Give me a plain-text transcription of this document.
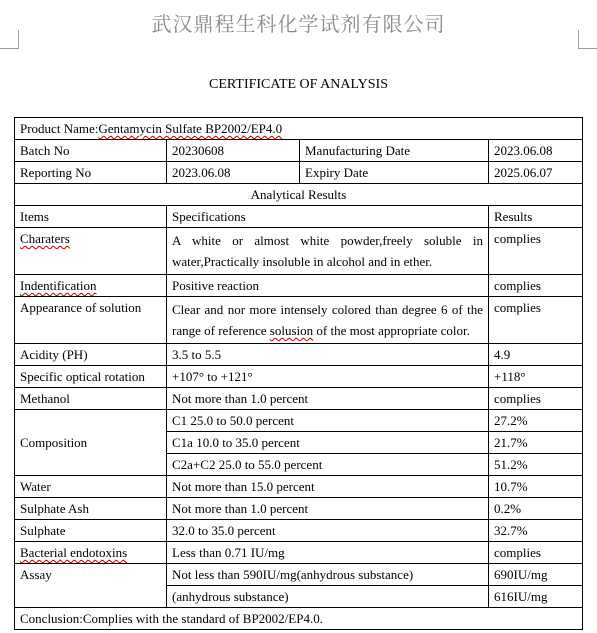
武汉鼎程生科化学试剂有限公司
CERTIFICATE OF ANALYSIS
Product Name:Gentamycin Sulfate BP2002/EP4.0			
Batch No	20230608	Manufacturing Date	2023.06.08
Reporting No	2023.06.08	Expiry Date	2025.06.07
Analytical Results			
Items	Specifications		Results
Charaters	A white or almost white powder,freely soluble in water,Practically insoluble in alcohol and in ether.		complies
Indentification	Positive reaction		complies
Appearance of solution	Clear and nor more intensely colored than degree 6 of the range of reference solusion of the most appropriate color.		complies
Acidity (PH)	3.5 to 5.5		4.9
Specific optical rotation	+107° to +121°		+118°
Methanol	Not more than 1.0 percent		complies
Composition	C1 25.0 to 50.0 percent		27.2%
	C1a 10.0 to 35.0 percent		21.7%
	C2a+C2 25.0 to 55.0 percent		51.2%
Water	Not more than 15.0 percent		10.7%
Sulphate Ash	Not more than 1.0 percent		0.2%
Sulphate	32.0 to 35.0 percent		32.7%
Bacterial endotoxins	Less than 0.71 IU/mg		complies
Assay	Not less than 590IU/mg(anhydrous substance)		690IU/mg
	(anhydrous substance)		616IU/mg
Conclusion:Complies with the standard of BP2002/EP4.0.			
